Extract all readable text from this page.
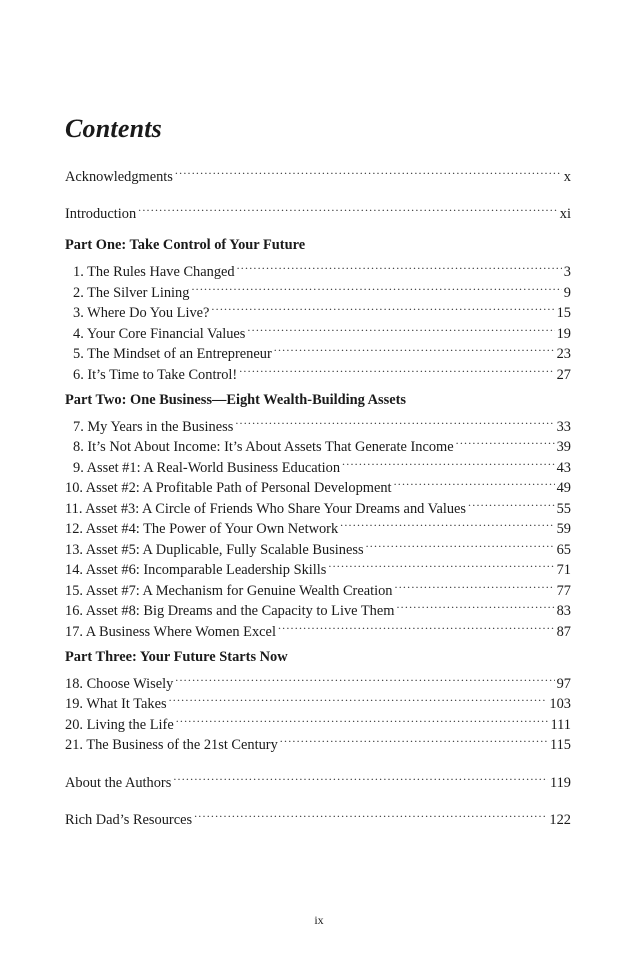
Contents
Acknowledgments .....	x
Introduction .....	xi
Part One: Take Control of Your Future
1. The Rules Have Changed .....	3
2. The Silver Lining .....	9
3. Where Do You Live? .....	15
4. Your Core Financial Values .....	19
5. The Mindset of an Entrepreneur .....	23
6. It’s Time to Take Control! .....	27
Part Two: One Business—Eight Wealth-Building Assets
7. My Years in the Business .....	33
8. It’s Not About Income: It’s About Assets That Generate Income .....	39
9. Asset #1: A Real-World Business Education .....	43
10. Asset #2: A Profitable Path of Personal Development .....	49
11. Asset #3: A Circle of Friends Who Share Your Dreams and Values .....	55
12. Asset #4: The Power of Your Own Network .....	59
13. Asset #5: A Duplicable, Fully Scalable Business .....	65
14. Asset #6: Incomparable Leadership Skills .....	71
15. Asset #7: A Mechanism for Genuine Wealth Creation .....	77
16. Asset #8: Big Dreams and the Capacity to Live Them .....	83
17. A Business Where Women Excel .....	87
Part Three: Your Future Starts Now
18. Choose Wisely .....	97
19. What It Takes .....	103
20. Living the Life .....	111
21. The Business of the 21st Century .....	115
About the Authors .....	119
Rich Dad’s Resources .....	122
ix
